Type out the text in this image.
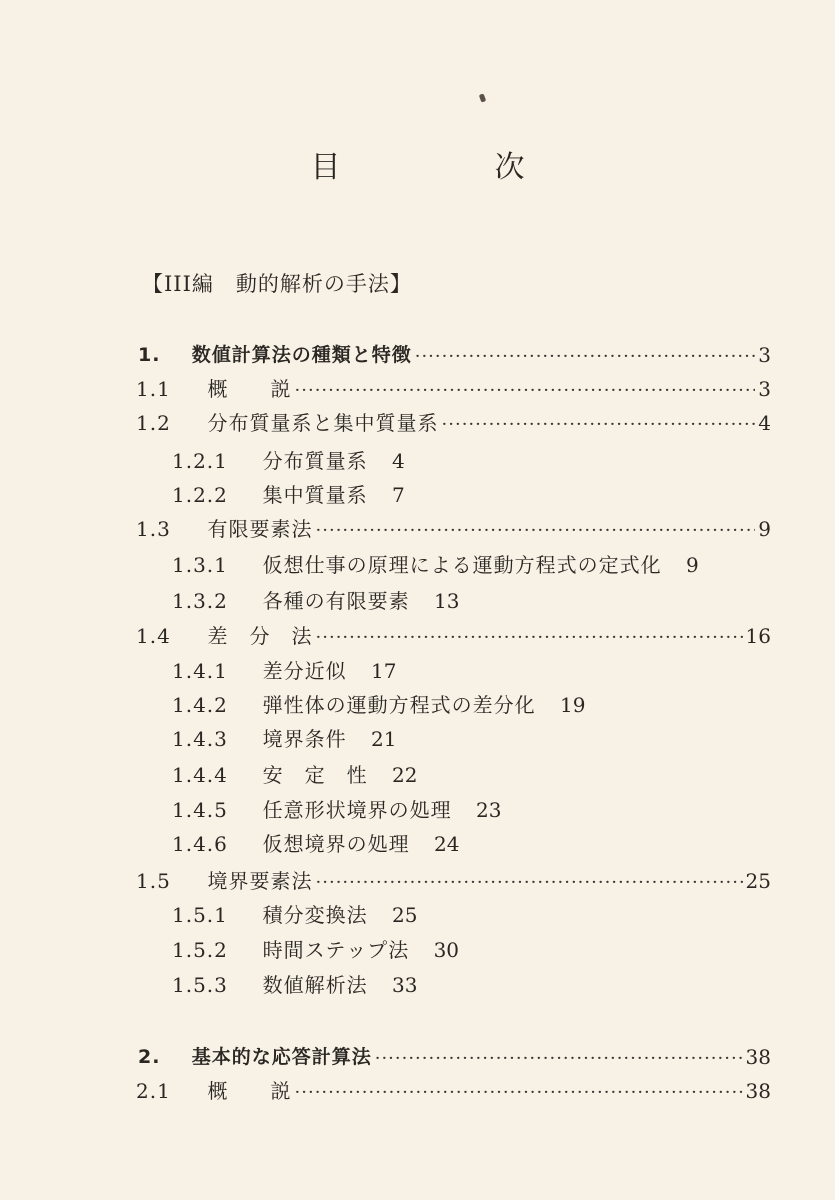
目　次
【III編　動的解析の手法】
1. 数値計算法の種類と特徴 ·····	3
1.1 概　　説 ·····	3
1.2 分布質量系と集中質量系 ·····	4
1.2.1 分布質量系 4
1.2.2 集中質量系 7
1.3 有限要素法 ·····	9
1.3.1 仮想仕事の原理による運動方程式の定式化 9
1.3.2 各種の有限要素 13
1.4 差　分　法 ·····	16
1.4.1 差分近似 17
1.4.2 弾性体の運動方程式の差分化 19
1.4.3 境界条件 21
1.4.4 安　定　性 22
1.4.5 任意形状境界の処理 23
1.4.6 仮想境界の処理 24
1.5 境界要素法 ·····	25
1.5.1 積分変換法 25
1.5.2 時間ステップ法 30
1.5.3 数値解析法 33
2. 基本的な応答計算法 ·····	38
2.1 概　　説 ·····	38
